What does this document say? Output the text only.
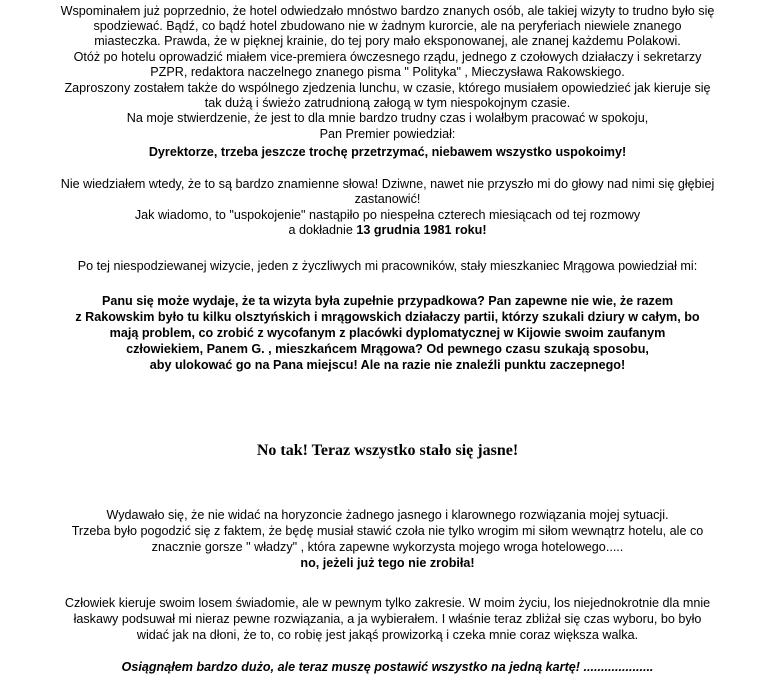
Wspominałem już poprzednio, że hotel odwiedzało mnóstwo bardzo znanych osób, ale takiej wizyty to trudno było się
spodziewać. Bądź, co bądź hotel zbudowano nie w żadnym kurorcie, ale na peryferiach niewiele znanego
miasteczka. Prawda, że w pięknej krainie, do tej pory mało eksponowanej, ale znanej każdemu Polakowi.
Otóż po hotelu oprowadzić miałem vice-premiera ówczesnego rządu, jednego z czołowych działaczy i sekretarzy
PZPR, redaktora naczelnego znanego pisma " Polityka" , Mieczysława Rakowskiego.
Zaproszony zostałem także do wspólnego zjedzenia lunchu, w czasie, którego musiałem opowiedzieć jak kieruje się
tak dużą i świeżo zatrudnioną załogą w tym niespokojnym czasie.
Na moje stwierdzenie, że jest to dla mnie bardzo trudny czas i wolałbym pracować w spokoju,
Pan Premier powiedział:
Dyrektorze, trzeba jeszcze trochę przetrzymać, niebawem wszystko uspokoimy!
Nie wiedziałem wtedy, że to są bardzo znamienne słowa! Dziwne, nawet nie przyszło mi do głowy nad nimi się głębiej
zastanowić!
Jak wiadomo, to "uspokojenie" nastąpiło po niespełna czterech miesiącach od tej rozmowy
a dokładnie 13 grudnia 1981 roku!
Po tej niespodziewanej wizycie, jeden z życzliwych mi pracowników, stały mieszkaniec Mrągowa powiedział mi:
Panu się może wydaje, że ta wizyta była zupełnie przypadkowa? Pan zapewne nie wie, że razem
z Rakowskim było tu kilku olsztyńskich i mrągowskich działaczy partii, którzy szukali dziury w całym, bo
mają problem, co zrobić z wycofanym z placówki dyplomatycznej w Kijowie swoim zaufanym
człowiekiem, Panem G. , mieszkańcem Mrągowa? Od pewnego czasu szukają sposobu,
aby ulokować go na Pana miejscu! Ale na razie nie znaleźli punktu zaczepnego!
No tak! Teraz wszystko stało się jasne!
Wydawało się, że nie widać na horyzoncie żadnego jasnego i klarownego rozwiązania mojej sytuacji.
Trzeba było pogodzić się z faktem, że będę musiał stawić czoła nie tylko wrogim mi siłom wewnątrz hotelu, ale co
znacznie gorsze " władzy" , która zapewne wykorzysta mojego wroga hotelowego.....
no, jeżeli już tego nie zrobiła!
Człowiek kieruje swoim losem świadomie, ale w pewnym tylko zakresie. W moim życiu, los niejednokrotnie dla mnie
łaskawy podsuwał mi nieraz pewne rozwiązania, a ja wybierałem. I właśnie teraz zbliżał się czas wyboru, bo było
widać jak na dłoni, że to, co robię jest jakąś prowizorką i czeka mnie coraz większa walka.
Osiągnąłem bardzo dużo, ale teraz muszę postawić wszystko na jedną kartę! ....................
